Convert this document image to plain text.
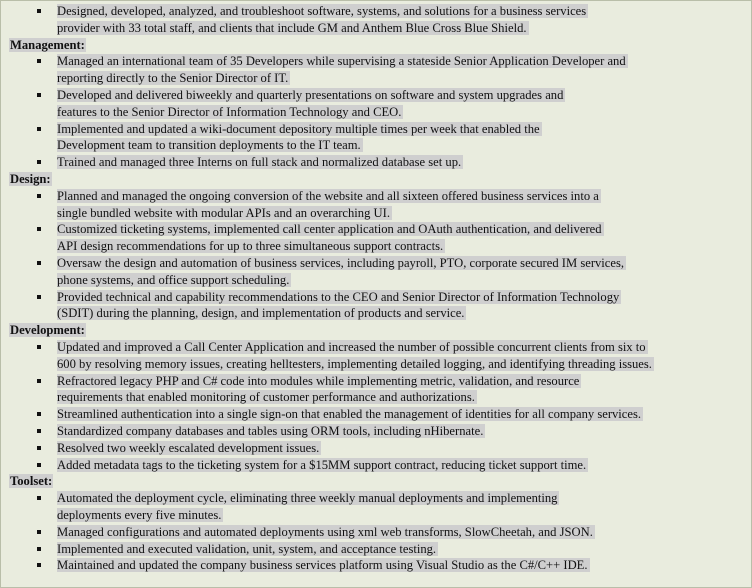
Designed, developed, analyzed, and troubleshoot software, systems, and solutions for a business services
provider with 33 total staff, and clients that include GM and Anthem Blue Cross Blue Shield.
Management:
Managed an international team of 35 Developers while supervising a stateside Senior Application Developer and
reporting directly to the Senior Director of IT.
Developed and delivered biweekly and quarterly presentations on software and system upgrades and
features to the Senior Director of Information Technology and CEO.
Implemented and updated a wiki-document depository multiple times per week that enabled the
Development team to transition deployments to the IT team.
Trained and managed three Interns on full stack and normalized database set up.
Design:
Planned and managed the ongoing conversion of the website and all sixteen offered business services into a
single bundled website with modular APIs and an overarching UI.
Customized ticketing systems, implemented call center application and OAuth authentication, and delivered
API design recommendations for up to three simultaneous support contracts.
Oversaw the design and automation of business services, including payroll, PTO, corporate secured IM services,
phone systems, and office support scheduling.
Provided technical and capability recommendations to the CEO and Senior Director of Information Technology
(SDIT) during the planning, design, and implementation of products and service.
Development:
Updated and improved a Call Center Application and increased the number of possible concurrent clients from six to
600 by resolving memory issues, creating helltesters, implementing detailed logging, and identifying threading issues.
Refractored legacy PHP and C# code into modules while implementing metric, validation, and resource
requirements that enabled monitoring of customer performance and authorizations.
Streamlined authentication into a single sign-on that enabled the management of identities for all company services.
Standardized company databases and tables using ORM tools, including nHibernate.
Resolved two weekly escalated development issues.
Added metadata tags to the ticketing system for a $15MM support contract, reducing ticket support time.
Toolset:
Automated the deployment cycle, eliminating three weekly manual deployments and implementing
deployments every five minutes.
Managed configurations and automated deployments using xml web transforms, SlowCheetah, and JSON.
Implemented and executed validation, unit, system, and acceptance testing.
Maintained and updated the company business services platform using Visual Studio as the C#/C++ IDE.
